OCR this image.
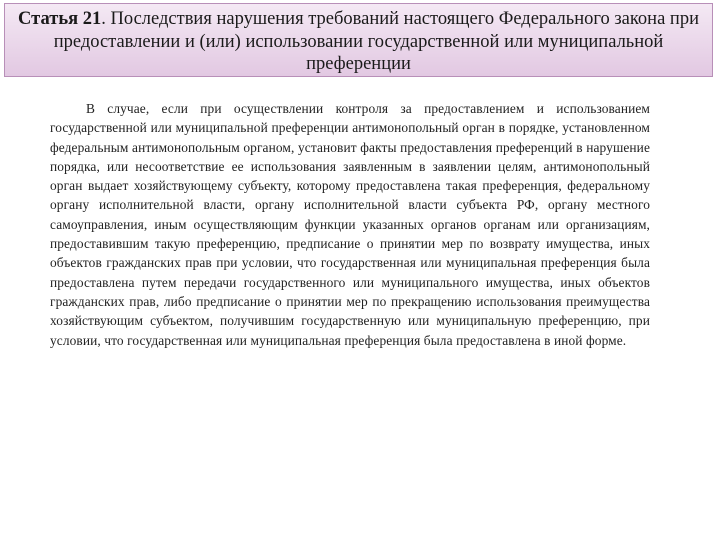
Статья 21. Последствия нарушения требований настоящего Федерального закона при предоставлении и (или) использовании государственной или муниципальной преференции

В случае, если при осуществлении контроля за предоставлением и использованием государственной или муниципальной преференции антимонопольный орган в порядке, установленном федеральным антимонопольным органом, установит факты предоставления преференций в нарушение порядка, или несоответствие ее использования заявленным в заявлении целям, антимонопольный орган выдает хозяйствующему субъекту, которому предоставлена такая преференция, федеральному органу исполнительной власти, органу исполнительной власти субъекта РФ, органу местного самоуправления, иным осуществляющим функции указанных органов органам или организациям, предоставившим такую преференцию, предписание о принятии мер по возврату имущества, иных объектов гражданских прав при условии, что государственная или муниципальная преференция была предоставлена путем передачи государственного или муниципального имущества, иных объектов гражданских прав, либо предписание о принятии мер по прекращению использования преимущества хозяйствующим субъектом, получившим государственную или муниципальную преференцию, при условии, что государственная или муниципальная преференция была предоставлена в иной форме.
